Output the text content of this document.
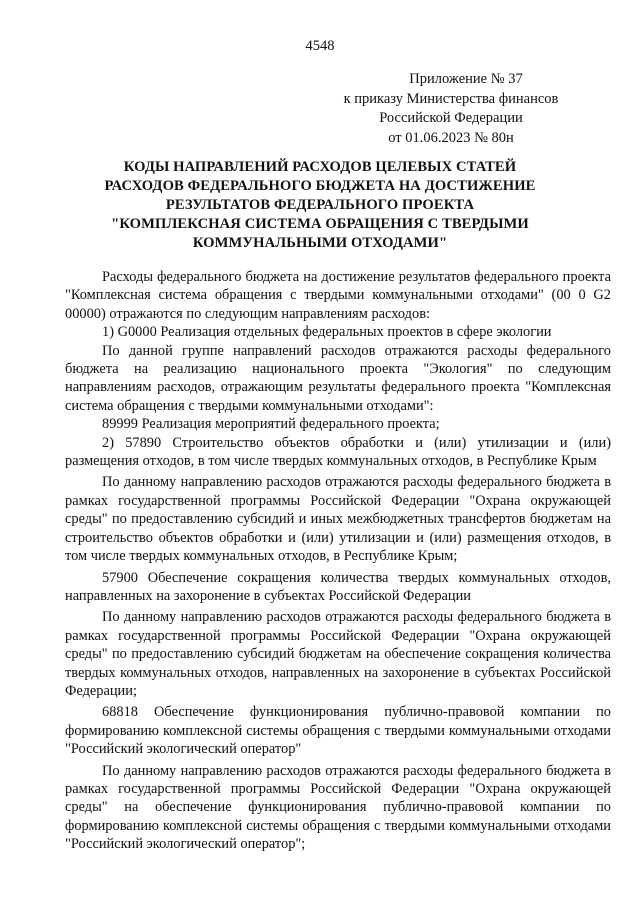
4548
Приложение № 37
к приказу Министерства финансов
Российской Федерации
от 01.06.2023 № 80н
КОДЫ НАПРАВЛЕНИЙ РАСХОДОВ ЦЕЛЕВЫХ СТАТЕЙ
РАСХОДОВ ФЕДЕРАЛЬНОГО БЮДЖЕТА НА ДОСТИЖЕНИЕ
РЕЗУЛЬТАТОВ ФЕДЕРАЛЬНОГО ПРОЕКТА
"КОМПЛЕКСНАЯ СИСТЕМА ОБРАЩЕНИЯ С ТВЕРДЫМИ
КОММУНАЛЬНЫМИ ОТХОДАМИ"

Расходы федерального бюджета на достижение результатов федерального проекта "Комплексная система обращения с твердыми коммунальными отходами" (00 0 G2 00000) отражаются по следующим направлениям расходов:

1) G0000 Реализация отдельных федеральных проектов в сфере экологии

По данной группе направлений расходов отражаются расходы федерального бюджета на реализацию национального проекта "Экология" по следующим направлениям расходов, отражающим результаты федерального проекта "Комплексная система обращения с твердыми коммунальными отходами":

89999 Реализация мероприятий федерального проекта;

2) 57890 Строительство объектов обработки и (или) утилизации и (или) размещения отходов, в том числе твердых коммунальных отходов, в Республике Крым

По данному направлению расходов отражаются расходы федерального бюджета в рамках государственной программы Российской Федерации "Охрана окружающей среды" по предоставлению субсидий и иных межбюджетных трансфертов бюджетам на строительство объектов обработки и (или) утилизации и (или) размещения отходов, в том числе твердых коммунальных отходов, в Республике Крым;

57900 Обеспечение сокращения количества твердых коммунальных отходов, направленных на захоронение в субъектах Российской Федерации

По данному направлению расходов отражаются расходы федерального бюджета в рамках государственной программы Российской Федерации "Охрана окружающей среды" по предоставлению субсидий бюджетам на обеспечение сокращения количества твердых коммунальных отходов, направленных на захоронение в субъектах Российской Федерации;

68818 Обеспечение функционирования публично-правовой компании по формированию комплексной системы обращения с твердыми коммунальными отходами "Российский экологический оператор"

По данному направлению расходов отражаются расходы федерального бюджета в рамках государственной программы Российской Федерации "Охрана окружающей среды" на обеспечение функционирования публично-правовой компании по формированию комплексной системы обращения с твердыми коммунальными отходами "Российский экологический оператор";
